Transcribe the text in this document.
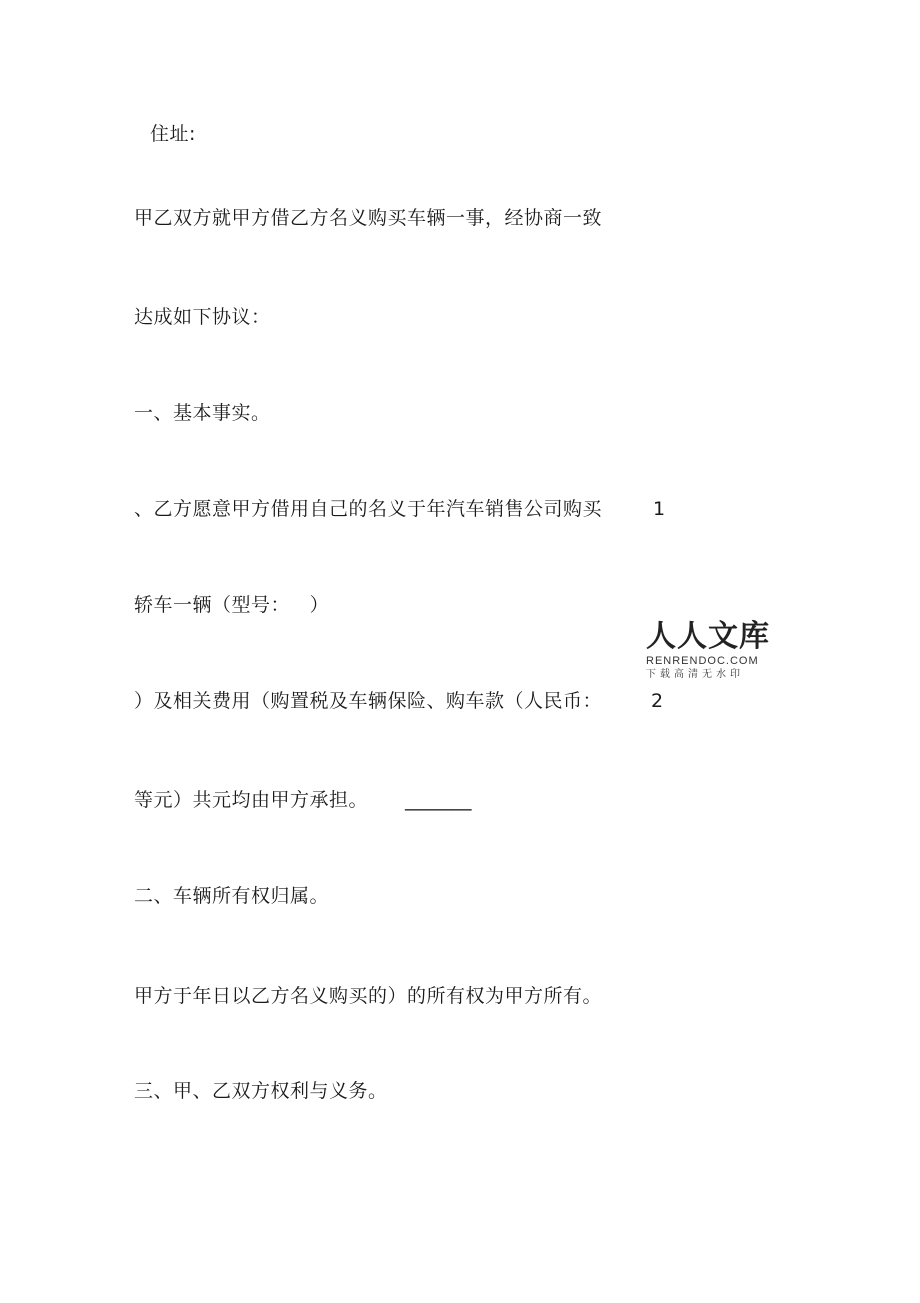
住址:
甲乙双方就甲方借乙方名义购买车辆一事，经协商一致
达成如下协议：
一、基本事实。
、乙方愿意甲方借用自己的名义于年汽车销售公司购买	1
轿车一辆（型号：   ）
）及相关费用（购置税及车辆保险、购车款（人民币：	2
等元）共元均由甲方承担。 _______
二、车辆所有权归属。
甲方于年日以乙方名义购买的）的所有权为甲方所有。
三、甲、乙双方权利与义务。
人人文库
RENRENDOC.COM
下载高清无水印
